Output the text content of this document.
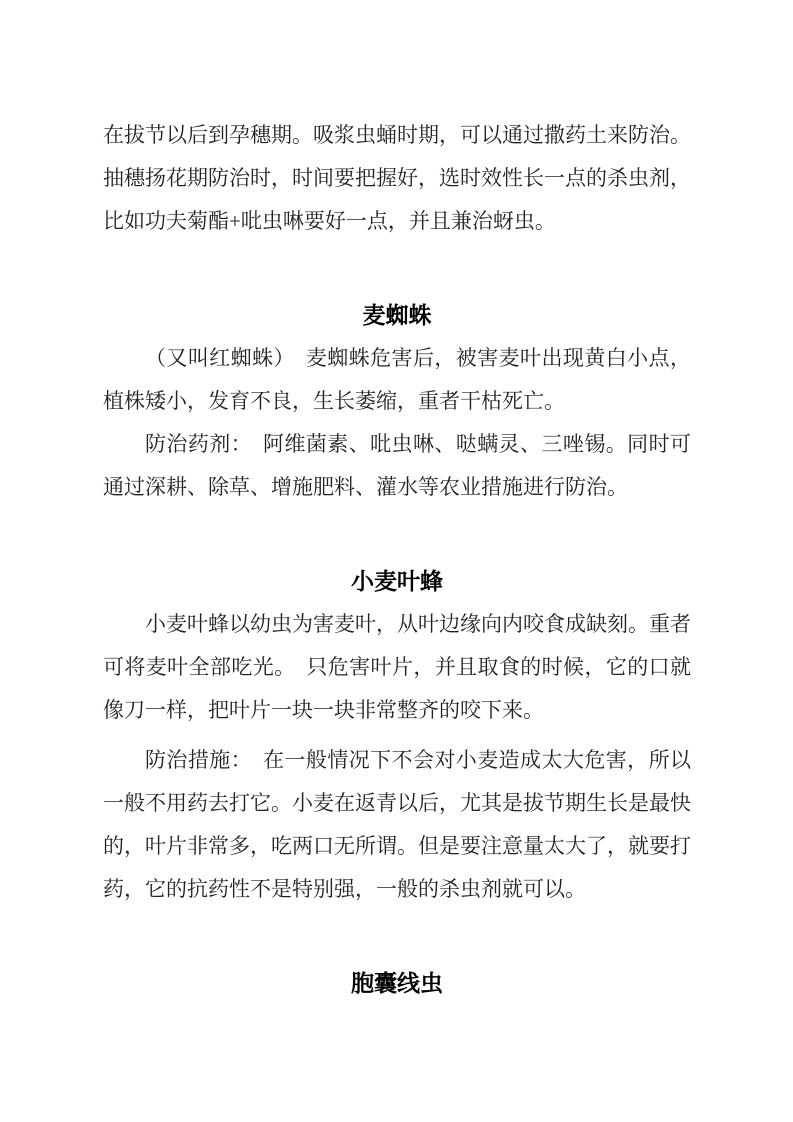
在拔节以后到孕穗期。吸浆虫蛹时期，可以通过撒药土来防治。抽穗扬花期防治时，时间要把握好，选时效性长一点的杀虫剂，比如功夫菊酯+吡虫啉要好一点，并且兼治蚜虫。

麦蜘蛛

（又叫红蜘蛛）　麦蜘蛛危害后，被害麦叶出现黄白小点，植株矮小，发育不良，生长萎缩，重者干枯死亡。

防治药剂：　阿维菌素、吡虫啉、哒螨灵、三唑锡。同时可通过深耕、除草、增施肥料、灌水等农业措施进行防治。

小麦叶蜂

小麦叶蜂以幼虫为害麦叶，从叶边缘向内咬食成缺刻。重者可将麦叶全部吃光。　只危害叶片，并且取食的时候，它的口就像刀一样，把叶片一块一块非常整齐的咬下来。

防治措施：　在一般情况下不会对小麦造成太大危害，所以一般不用药去打它。小麦在返青以后，尤其是拔节期生长是最快的，叶片非常多，吃两口无所谓。但是要注意量太大了，就要打药，它的抗药性不是特别强，一般的杀虫剂就可以。

胞囊线虫
